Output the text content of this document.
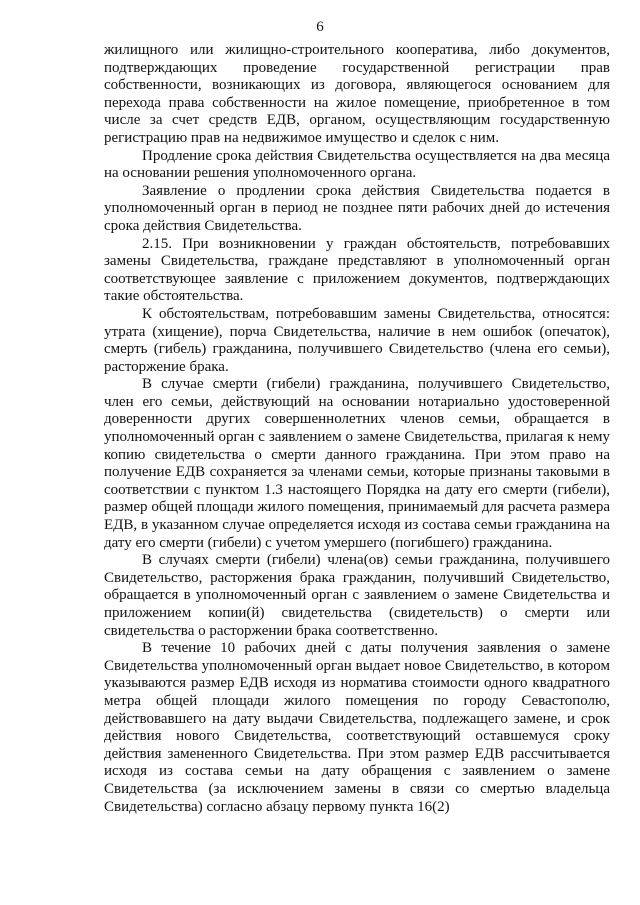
6

жилищного или жилищно-строительного кооператива, либо документов, подтверждающих проведение государственной регистрации прав собственности, возникающих из договора, являющегося основанием для перехода права собственности на жилое помещение, приобретенное в том числе за счет средств ЕДВ, органом, осуществляющим государственную регистрацию прав на недвижимое имущество и сделок с ним.

Продление срока действия Свидетельства осуществляется на два месяца на основании решения уполномоченного органа.

Заявление о продлении срока действия Свидетельства подается в уполномоченный орган в период не позднее пяти рабочих дней до истечения срока действия Свидетельства.

2.15. При возникновении у граждан обстоятельств, потребовавших замены Свидетельства, граждане представляют в уполномоченный орган соответствующее заявление с приложением документов, подтверждающих такие обстоятельства.

К обстоятельствам, потребовавшим замены Свидетельства, относятся: утрата (хищение), порча Свидетельства, наличие в нем ошибок (опечаток), смерть (гибель) гражданина, получившего Свидетельство (члена его семьи), расторжение брака.

В случае смерти (гибели) гражданина, получившего Свидетельство, член его семьи, действующий на основании нотариально удостоверенной доверенности других совершеннолетних членов семьи, обращается в уполномоченный орган с заявлением о замене Свидетельства, прилагая к нему копию свидетельства о смерти данного гражданина. При этом право на получение ЕДВ сохраняется за членами семьи, которые признаны таковыми в соответствии с пунктом 1.3 настоящего Порядка на дату его смерти (гибели), размер общей площади жилого помещения, принимаемый для расчета размера ЕДВ, в указанном случае определяется исходя из состава семьи гражданина на дату его смерти (гибели) с учетом умершего (погибшего) гражданина.

В случаях смерти (гибели) члена(ов) семьи гражданина, получившего Свидетельство, расторжения брака гражданин, получивший Свидетельство, обращается в уполномоченный орган с заявлением о замене Свидетельства и приложением копии(й) свидетельства (свидетельств) о смерти или свидетельства о расторжении брака соответственно.

В течение 10 рабочих дней с даты получения заявления о замене Свидетельства уполномоченный орган выдает новое Свидетельство, в котором указываются размер ЕДВ исходя из норматива стоимости одного квадратного метра общей площади жилого помещения по городу Севастополю, действовавшего на дату выдачи Свидетельства, подлежащего замене, и срок действия нового Свидетельства, соответствующий оставшемуся сроку действия замененного Свидетельства. При этом размер ЕДВ рассчитывается исходя из состава семьи на дату обращения с заявлением о замене Свидетельства (за исключением замены в связи со смертью владельца Свидетельства) согласно абзацу первому пункта 16(2)
